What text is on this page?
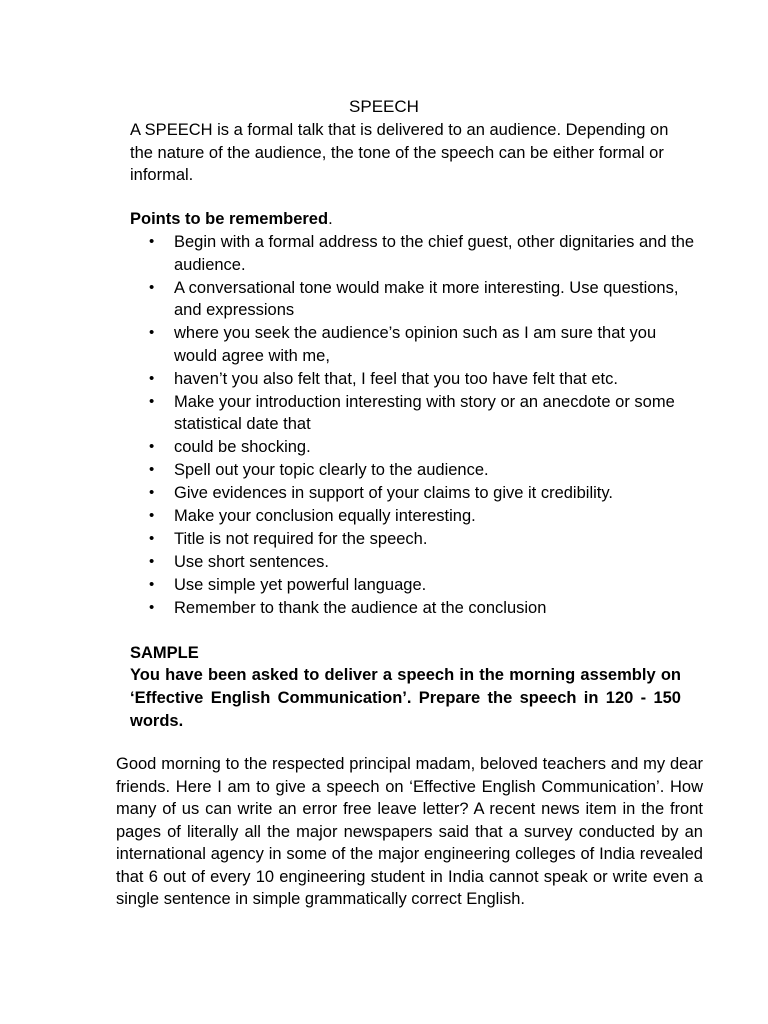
SPEECH

A SPEECH is a formal talk that is delivered to an audience. Depending on the nature of the audience, the tone of the speech can be either formal or informal.

Points to be remembered.

• Begin with a formal address to the chief guest, other dignitaries and the audience.
• A conversational tone would make it more interesting. Use questions, and expressions
• where you seek the audience’s opinion such as I am sure that you would agree with me,
• haven’t you also felt that, I feel that you too have felt that etc.
• Make your introduction interesting with story or an anecdote or some statistical date that
• could be shocking.
• Spell out your topic clearly to the audience.
• Give evidences in support of your claims to give it credibility.
• Make your conclusion equally interesting.
• Title is not required for the speech.
• Use short sentences.
• Use simple yet powerful language.
• Remember to thank the audience at the conclusion

SAMPLE

You have been asked to deliver a speech in the morning assembly on ‘Effective English Communication’. Prepare the speech in 120 - 150 words.

Good morning to the respected principal madam, beloved teachers and my dear friends. Here I am to give a speech on ‘Effective English Communication’. How many of us can write an error free leave letter? A recent news item in the front pages of literally all the major newspapers said that a survey conducted by an international agency in some of the major engineering colleges of India revealed that 6 out of every 10 engineering student in India cannot speak or write even a single sentence in simple grammatically correct English.
